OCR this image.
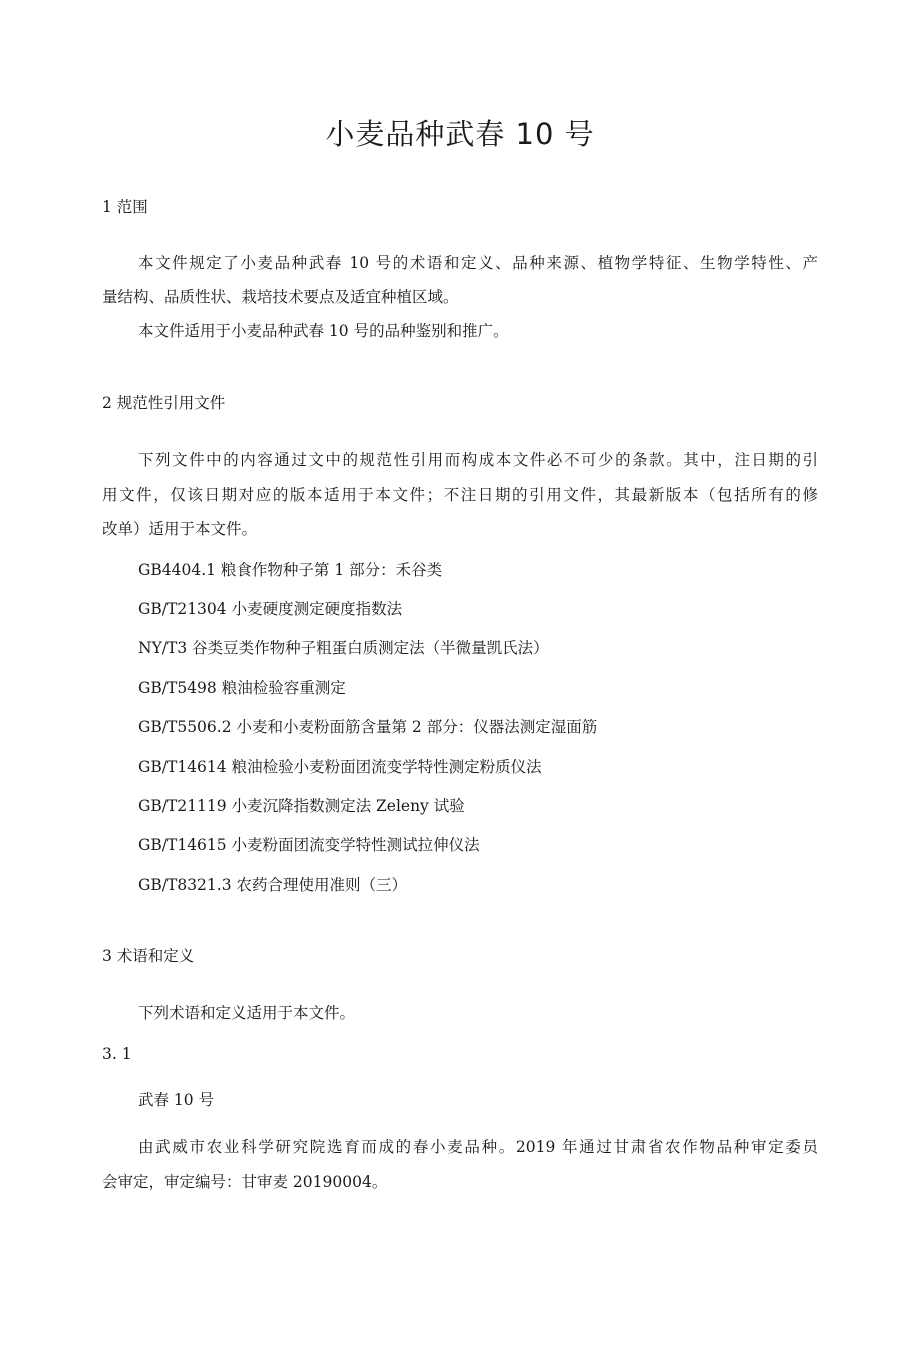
小麦品种武春 10 号
1 范围
本文件规定了小麦品种武春 10 号的术语和定义、品种来源、植物学特征、生物学特性、产
量结构、品质性状、栽培技术要点及适宜种植区域。
本文件适用于小麦品种武春 10 号的品种鉴别和推广。
2 规范性引用文件
下列文件中的内容通过文中的规范性引用而构成本文件必不可少的条款。其中，注日期的引
用文件，仅该日期对应的版本适用于本文件；不注日期的引用文件，其最新版本（包括所有的修
改单）适用于本文件。
GB4404.1 粮食作物种子第 1 部分：禾谷类
GB/T21304 小麦硬度测定硬度指数法
NY/T3 谷类豆类作物种子粗蛋白质测定法（半微量凯氏法）
GB/T5498 粮油检验容重测定
GB/T5506.2 小麦和小麦粉面筋含量第 2 部分：仪器法测定湿面筋
GB/T14614 粮油检验小麦粉面团流变学特性测定粉质仪法
GB/T21119 小麦沉降指数测定法 Zeleny 试验
GB/T14615 小麦粉面团流变学特性测试拉伸仪法
GB/T8321.3 农药合理使用准则（三）
3 术语和定义
下列术语和定义适用于本文件。
3. 1
武春 10 号
由武威市农业科学研究院选育而成的春小麦品种。2019 年通过甘肃省农作物品种审定委员
会审定，审定编号：甘审麦 20190004。
